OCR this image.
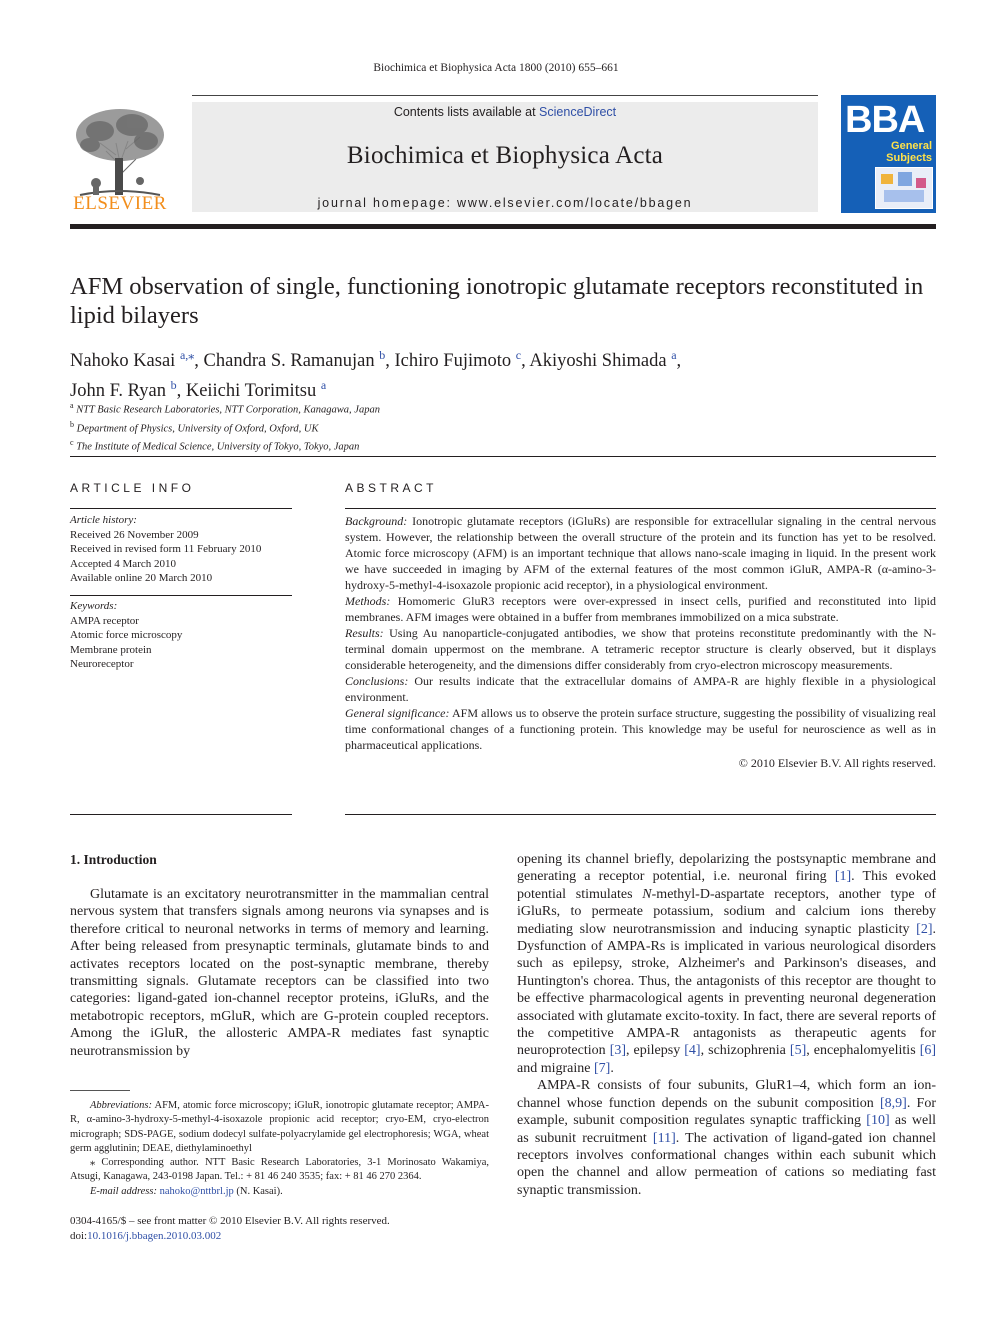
Biochimica et Biophysica Acta 1800 (2010) 655–661
ELSEVIER
Contents lists available at ScienceDirect
Biochimica et Biophysica Acta
journal homepage: www.elsevier.com/locate/bbagen
BBA
General
Subjects
AFM observation of single, functioning ionotropic glutamate receptors reconstituted in lipid bilayers
Nahoko Kasai $^{a,⁎}$, Chandra S. Ramanujan $^b$, Ichiro Fujimoto $^c$, Akiyoshi Shimada $^a$,
John F. Ryan $^b$, Keiichi Torimitsu $^a$
$^a$ NTT Basic Research Laboratories, NTT Corporation, Kanagawa, Japan
$^b$ Department of Physics, University of Oxford, Oxford, UK
$^c$ The Institute of Medical Science, University of Tokyo, Tokyo, Japan
ARTICLE INFO
Article history:
Received 26 November 2009
Received in revised form 11 February 2010
Accepted 4 March 2010
Available online 20 March 2010
Keywords:
AMPA receptor
Atomic force microscopy
Membrane protein
Neuroreceptor
ABSTRACT
Background: Ionotropic glutamate receptors (iGluRs) are responsible for extracellular signaling in the central nervous system. However, the relationship between the overall structure of the protein and its function has yet to be resolved. Atomic force microscopy (AFM) is an important technique that allows nano-scale imaging in liquid. In the present work we have succeeded in imaging by AFM of the external features of the most common iGluR, AMPA-R (α-amino-3-hydroxy-5-methyl-4-isoxazole propionic acid receptor), in a physiological environment.
Methods: Homomeric GluR3 receptors were over-expressed in insect cells, purified and reconstituted into lipid membranes. AFM images were obtained in a buffer from membranes immobilized on a mica substrate.
Results: Using Au nanoparticle-conjugated antibodies, we show that proteins reconstitute predominantly with the N-terminal domain uppermost on the membrane. A tetrameric receptor structure is clearly observed, but it displays considerable heterogeneity, and the dimensions differ considerably from cryo-electron microscopy measurements.
Conclusions: Our results indicate that the extracellular domains of AMPA-R are highly flexible in a physiological environment.
General significance: AFM allows us to observe the protein surface structure, suggesting the possibility of visualizing real time conformational changes of a functioning protein. This knowledge may be useful for neuroscience as well as in pharmaceutical applications.
© 2010 Elsevier B.V. All rights reserved.
1. Introduction

Glutamate is an excitatory neurotransmitter in the mammalian central nervous system that transfers signals among neurons via synapses and is therefore critical to neuronal networks in terms of memory and learning. After being released from presynaptic terminals, glutamate binds to and activates receptors located on the post-synaptic membrane, thereby transmitting signals. Glutamate receptors can be classified into two categories: ligand-gated ion-channel receptor proteins, iGluRs, and the metabotropic receptors, mGluR, which are G-protein coupled receptors. Among the iGluR, the allosteric AMPA-R mediates fast synaptic neurotransmission by

Abbreviations: AFM, atomic force microscopy; iGluR, ionotropic glutamate receptor; AMPA-R, α-amino-3-hydroxy-5-methyl-4-isoxazole propionic acid receptor; cryo-EM, cryo-electron micrograph; SDS-PAGE, sodium dodecyl sulfate-polyacrylamide gel electrophoresis; WGA, wheat germ agglutinin; DEAE, diethylaminoethyl

⁎ Corresponding author. NTT Basic Research Laboratories, 3-1 Morinosato Wakamiya, Atsugi, Kanagawa, 243-0198 Japan. Tel.: + 81 46 240 3535; fax: + 81 46 270 2364.

E-mail address: nahoko@nttbrl.jp (N. Kasai).

0304-4165/$ – see front matter © 2010 Elsevier B.V. All rights reserved.
doi:10.1016/j.bbagen.2010.03.002

opening its channel briefly, depolarizing the postsynaptic membrane and generating a receptor potential, i.e. neuronal firing [1]. This evoked potential stimulates N-methyl-D-aspartate receptors, another type of iGluRs, to permeate potassium, sodium and calcium ions thereby mediating slow neurotransmission and inducing synaptic plasticity [2]. Dysfunction of AMPA-Rs is implicated in various neurological disorders such as epilepsy, stroke, Alzheimer's and Parkinson's diseases, and Huntington's chorea. Thus, the antagonists of this receptor are thought to be effective pharmacological agents in preventing neuronal degeneration associated with glutamate excito-toxity. In fact, there are several reports of the competitive AMPA-R antagonists as therapeutic agents for neuroprotection [3], epilepsy [4], schizophrenia [5], encephalomyelitis [6] and migraine [7].

AMPA-R consists of four subunits, GluR1–4, which form an ion-channel whose function depends on the subunit composition [8,9]. For example, subunit composition regulates synaptic trafficking [10] as well as subunit recruitment [11]. The activation of ligand-gated ion channel receptors involves conformational changes within each subunit which open the channel and allow permeation of cations so mediating fast synaptic transmission.
